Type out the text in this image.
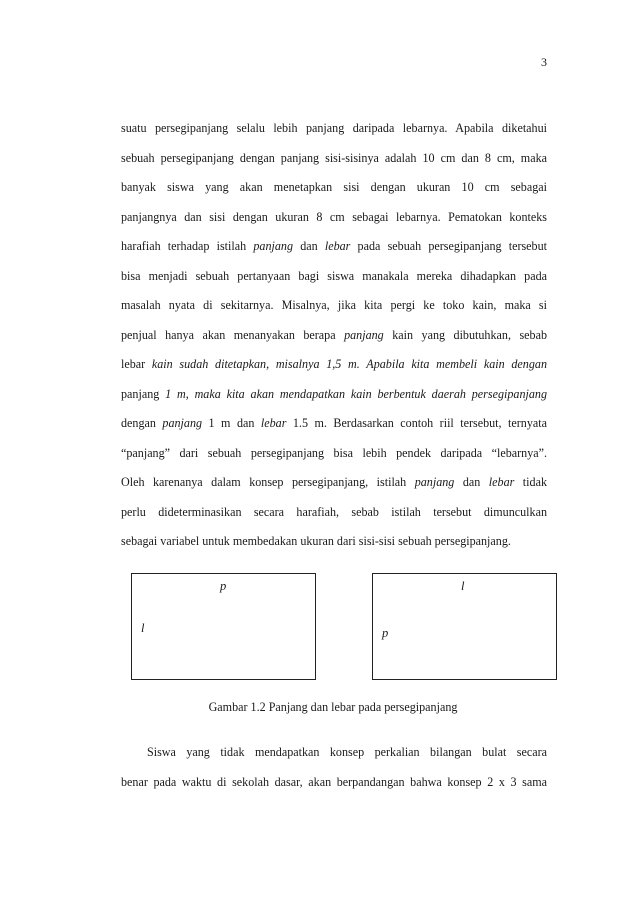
3
suatu persegipanjang selalu lebih panjang daripada lebarnya. Apabila diketahui
sebuah persegipanjang dengan panjang sisi-sisinya adalah 10 cm dan 8 cm, maka
banyak siswa yang akan menetapkan sisi dengan ukuran 10 cm sebagai
panjangnya dan sisi dengan ukuran 8 cm sebagai lebarnya. Pematokan konteks
harafiah terhadap istilah panjang dan lebar pada sebuah persegipanjang tersebut
bisa menjadi sebuah pertanyaan bagi siswa manakala mereka dihadapkan pada
masalah nyata di sekitarnya. Misalnya, jika kita pergi ke toko kain, maka si
penjual hanya akan menanyakan berapa panjang kain yang dibutuhkan, sebab
lebar kain sudah ditetapkan, misalnya 1,5 m. Apabila kita membeli kain dengan
panjang 1 m, maka kita akan mendapatkan kain berbentuk daerah persegipanjang
dengan panjang 1 m dan lebar 1.5 m. Berdasarkan contoh riil tersebut, ternyata
“panjang” dari sebuah persegipanjang bisa lebih pendek daripada “lebarnya”.
Oleh karenanya dalam konsep persegipanjang, istilah panjang dan lebar tidak
perlu dideterminasikan secara harafiah, sebab istilah tersebut dimunculkan
sebagai variabel untuk membedakan ukuran dari sisi-sisi sebuah persegipanjang.
p
l
l
p
Gambar 1.2 Panjang dan lebar pada persegipanjang
Siswa yang tidak mendapatkan konsep perkalian bilangan bulat secara
benar pada waktu di sekolah dasar, akan berpandangan bahwa konsep 2 x 3 sama
